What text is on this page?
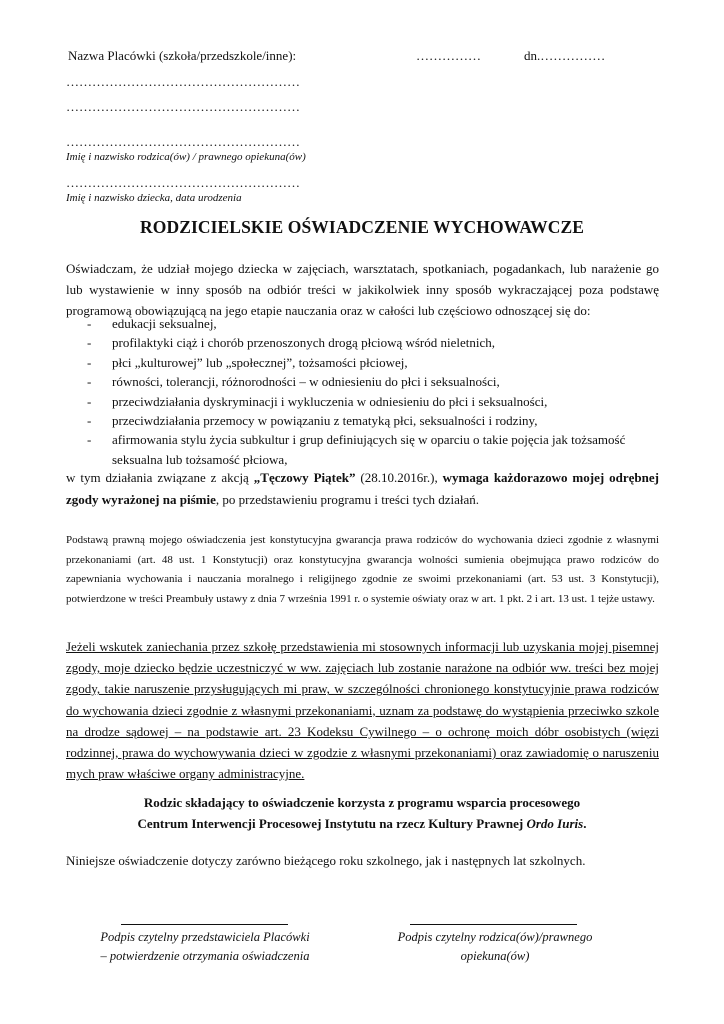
Nazwa Placówki (szkoła/przedszkole/inne):	……………	dn.……………
………………………………………………
………………………………………………
………………………………………………
Imię i nazwisko rodzica(ów) / prawnego opiekuna(ów)
………………………………………………
Imię i nazwisko dziecka, data urodzenia
RODZICIELSKIE OŚWIADCZENIE WYCHOWAWCZE
Oświadczam, że udział mojego dziecka w zajęciach, warsztatach, spotkaniach, pogadankach, lub narażenie go lub wystawienie w inny sposób na odbiór treści w jakikolwiek inny sposób wykraczającej poza podstawę programową obowiązującą na jego etapie nauczania oraz w całości lub częściowo odnoszącej się do:
- edukacji seksualnej,
- profilaktyki ciąż i chorób przenoszonych drogą płciową wśród nieletnich,
- płci „kulturowej” lub „społecznej”, tożsamości płciowej,
- równości, tolerancji, różnorodności – w odniesieniu do płci i seksualności,
- przeciwdziałania dyskryminacji i wykluczenia w odniesieniu do płci i seksualności,
- przeciwdziałania przemocy w powiązaniu z tematyką płci, seksualności i rodziny,
- afirmowania stylu życia subkultur i grup definiujących się w oparciu o takie pojęcia jak tożsamość seksualna lub tożsamość płciowa,
w tym działania związane z akcją „Tęczowy Piątek” (28.10.2016r.), wymaga każdorazowo mojej odrębnej zgody wyrażonej na piśmie, po przedstawieniu programu i treści tych działań.
Podstawą prawną mojego oświadczenia jest konstytucyjna gwarancja prawa rodziców do wychowania dzieci zgodnie z własnymi przekonaniami (art. 48 ust. 1 Konstytucji) oraz konstytucyjna gwarancja wolności sumienia obejmująca prawo rodziców do zapewniania wychowania i nauczania moralnego i religijnego zgodnie ze swoimi przekonaniami (art. 53 ust. 3 Konstytucji), potwierdzone w treści Preambuły ustawy z dnia 7 września 1991 r. o systemie oświaty oraz w art. 1 pkt. 2 i art. 13 ust. 1 tejże ustawy.
Jeżeli wskutek zaniechania przez szkołę przedstawienia mi stosownych informacji lub uzyskania mojej pisemnej zgody, moje dziecko będzie uczestniczyć w ww. zajęciach lub zostanie narażone na odbiór ww. treści bez mojej zgody, takie naruszenie przysługujących mi praw, w szczególności chronionego konstytucyjnie prawa rodziców do wychowania dzieci zgodnie z własnymi przekonaniami, uznam za podstawę do wystąpienia przeciwko szkole na drodze sądowej – na podstawie art. 23 Kodeksu Cywilnego – o ochronę moich dóbr osobistych (więzi rodzinnej, prawa do wychowywania dzieci w zgodzie z własnymi przekonaniami) oraz zawiadomię o naruszeniu mych praw właściwe organy administracyjne.
Rodzic składający to oświadczenie korzysta z programu wsparcia procesowego
Centrum Interwencji Procesowej Instytutu na rzecz Kultury Prawnej Ordo Iuris.
Niniejsze oświadczenie dotyczy zarówno bieżącego roku szkolnego, jak i następnych lat szkolnych.
Podpis czytelny przedstawiciela Placówki
– potwierdzenie otrzymania oświadczenia
Podpis czytelny rodzica(ów)/prawnego
opiekuna(ów)
